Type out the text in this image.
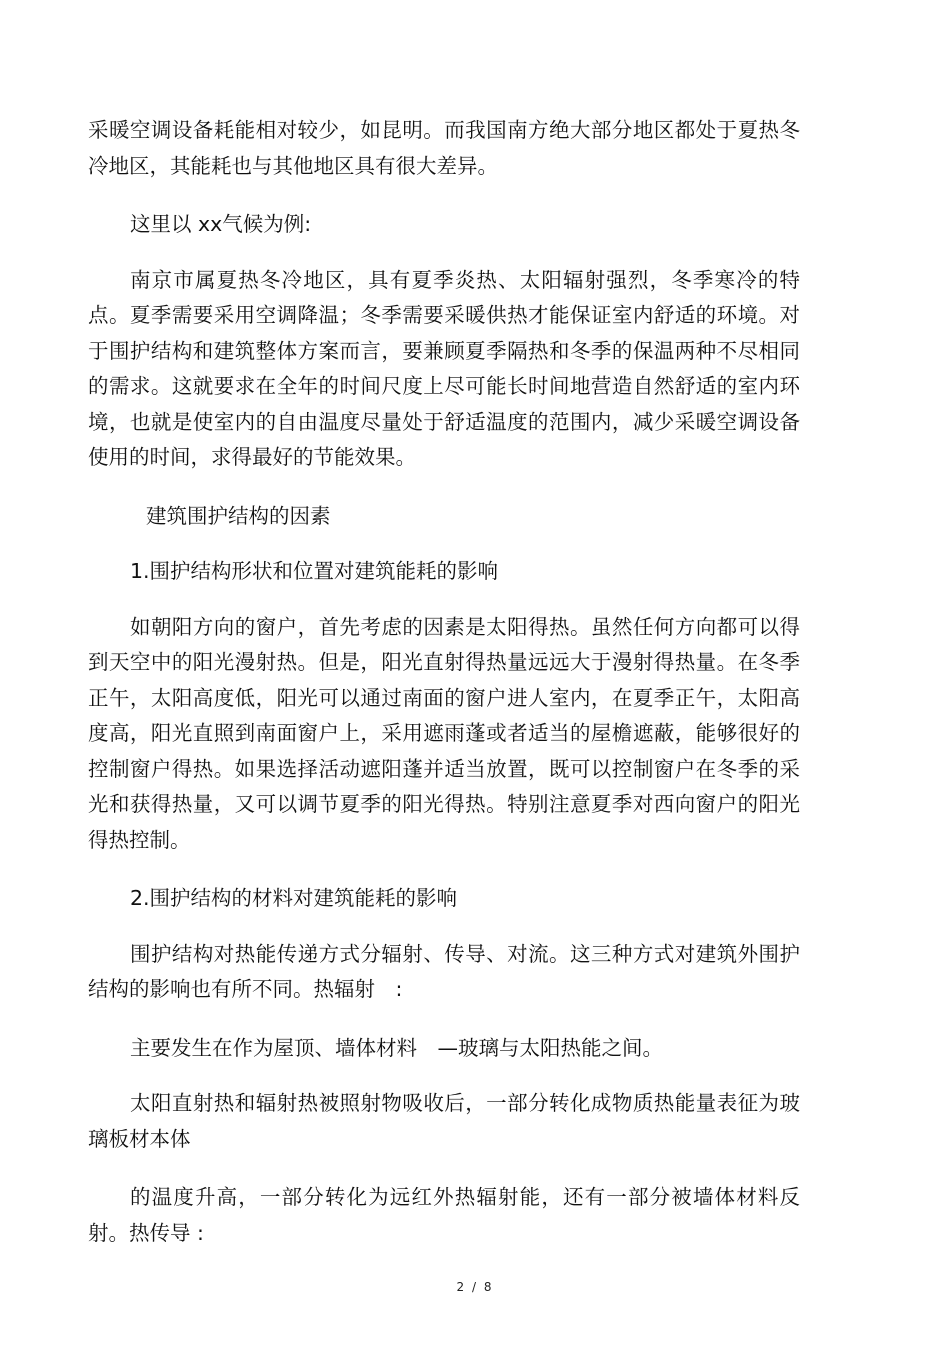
采暖空调设备耗能相对较少，如昆明。而我国南方绝大部分地区都处于夏热冬冷地区，其能耗也与其他地区具有很大差异。

这里以 xx气候为例:

南京市属夏热冬冷地区，具有夏季炎热、太阳辐射强烈，冬季寒冷的特点。夏季需要采用空调降温；冬季需要采暖供热才能保证室内舒适的环境。对于围护结构和建筑整体方案而言，要兼顾夏季隔热和冬季的保温两种不尽相同的需求。这就要求在全年的时间尺度上尽可能长时间地营造自然舒适的室内环境，也就是使室内的自由温度尽量处于舒适温度的范围内，减少采暖空调设备使用的时间，求得最好的节能效果。

建筑围护结构的因素

1.围护结构形状和位置对建筑能耗的影响

如朝阳方向的窗户，首先考虑的因素是太阳得热。虽然任何方向都可以得到天空中的阳光漫射热。但是，阳光直射得热量远远大于漫射得热量。在冬季正午，太阳高度低，阳光可以通过南面的窗户进人室内，在夏季正午，太阳高度高，阳光直照到南面窗户上，采用遮雨蓬或者适当的屋檐遮蔽，能够很好的控制窗户得热。如果选择活动遮阳蓬并适当放置，既可以控制窗户在冬季的采光和获得热量，又可以调节夏季的阳光得热。特别注意夏季对西向窗户的阳光得热控制。

2.围护结构的材料对建筑能耗的影响

围护结构对热能传递方式分辐射、传导、对流。这三种方式对建筑外围护结构的影响也有所不同。热辐射　:

主要发生在作为屋顶、墙体材料　—玻璃与太阳热能之间。

太阳直射热和辐射热被照射物吸收后，一部分转化成物质热能量表征为玻璃板材本体

的温度升高，一部分转化为远红外热辐射能，还有一部分被墙体材料反射。热传导 :

2 / 8
